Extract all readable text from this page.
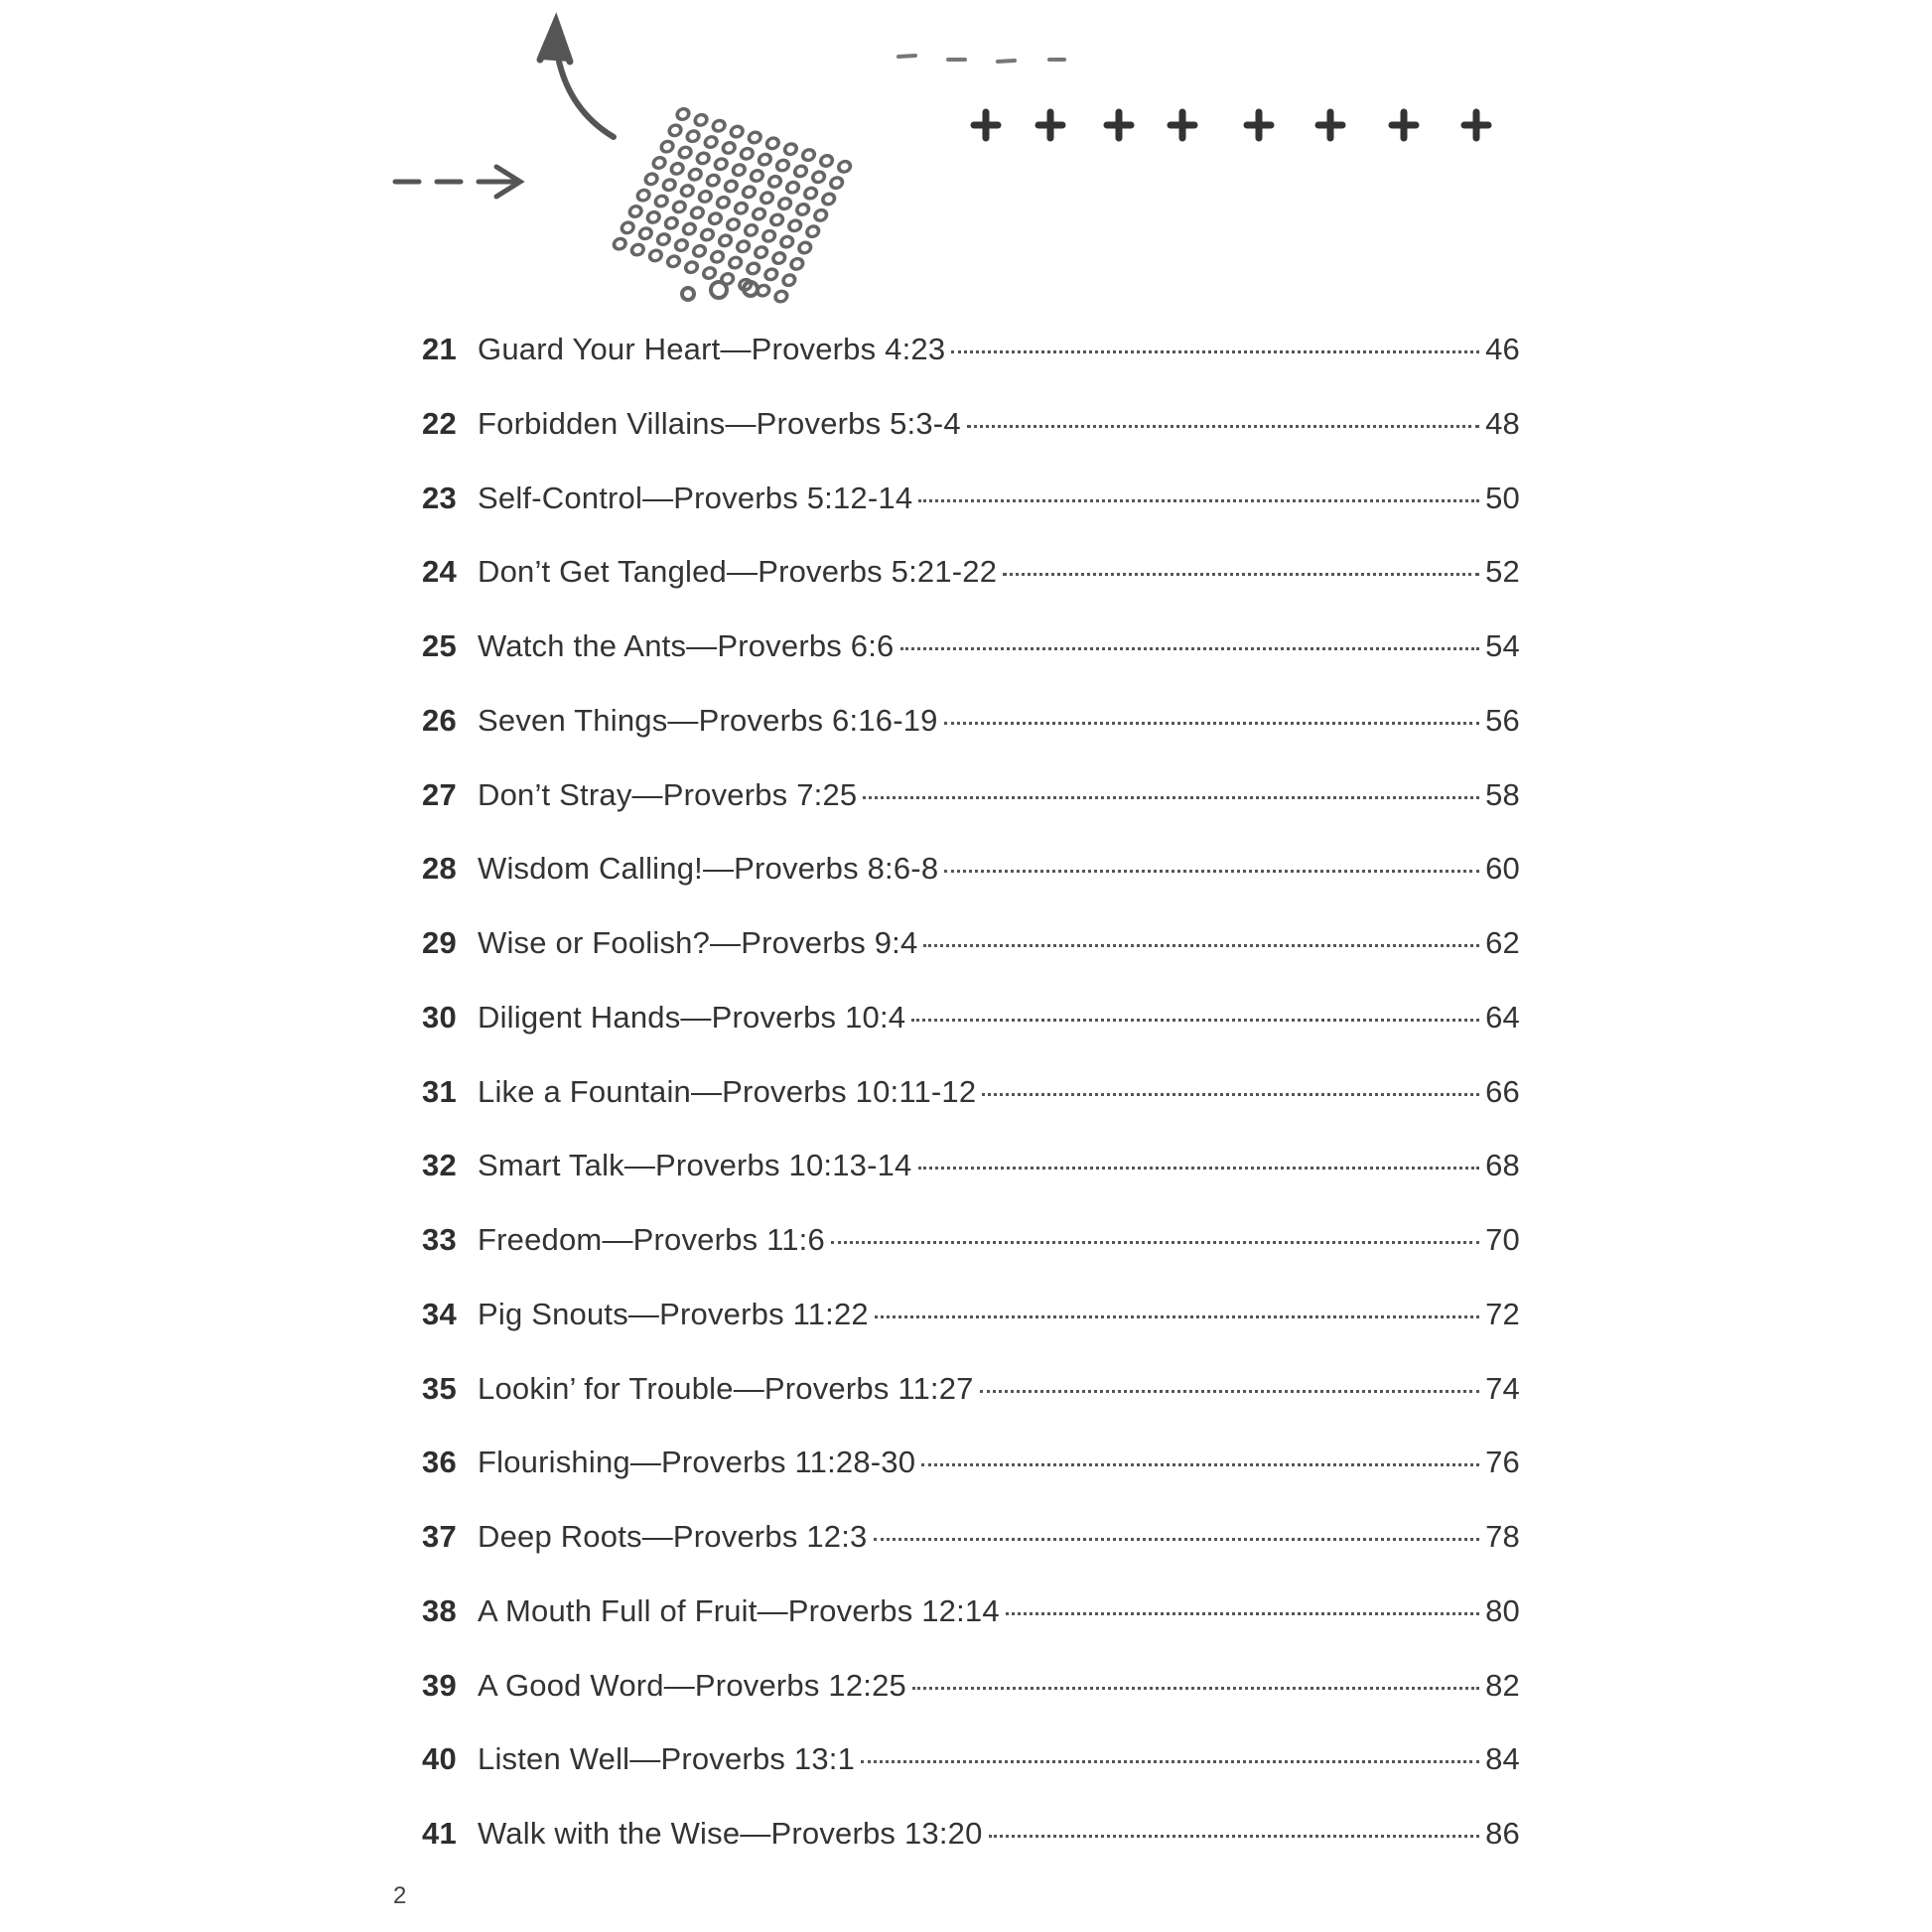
21 Guard Your Heart—Proverbs 4:23	46
22 Forbidden Villains—Proverbs 5:3-4	48
23 Self-Control—Proverbs 5:12-14	50
24 Don’t Get Tangled—Proverbs 5:21-22	52
25 Watch the Ants—Proverbs 6:6	54
26 Seven Things—Proverbs 6:16-19	56
27 Don’t Stray—Proverbs 7:25	58
28 Wisdom Calling!—Proverbs 8:6-8	60
29 Wise or Foolish?—Proverbs 9:4	62
30 Diligent Hands—Proverbs 10:4	64
31 Like a Fountain—Proverbs 10:11-12	66
32 Smart Talk—Proverbs 10:13-14	68
33 Freedom—Proverbs 11:6	70
34 Pig Snouts—Proverbs 11:22	72
35 Lookin’ for Trouble—Proverbs 11:27	74
36 Flourishing—Proverbs 11:28-30	76
37 Deep Roots—Proverbs 12:3	78
38 A Mouth Full of Fruit—Proverbs 12:14	80
39 A Good Word—Proverbs 12:25	82
40 Listen Well—Proverbs 13:1	84
41 Walk with the Wise—Proverbs 13:20	86
2
